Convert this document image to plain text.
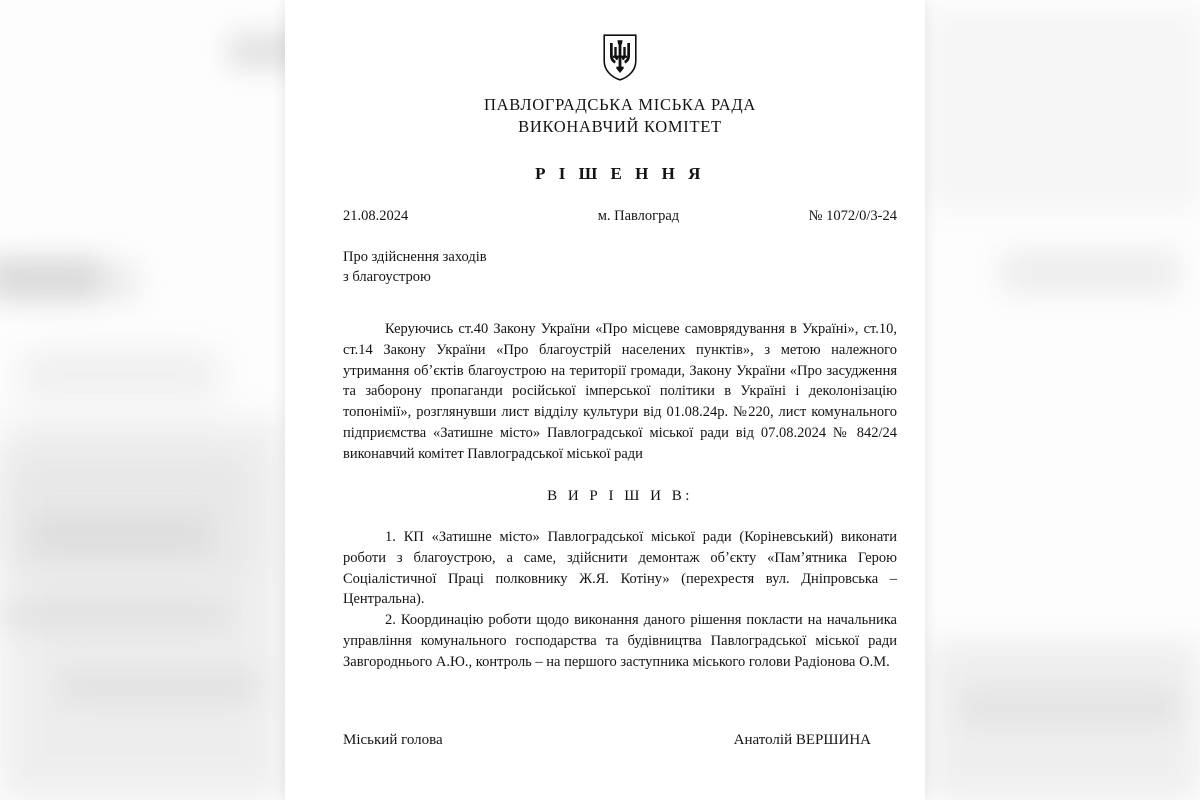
ПАВЛОГРАДСЬКА МІСЬКА РАДА
ВИКОНАВЧИЙ КОМІТЕТ
Р І Ш Е Н Н Я
21.08.2024	м. Павлоград	№ 1072/0/3-24
Про здійснення заходів
з благоустрою

Керуючись ст.40 Закону України «Про місцеве самоврядування в Україні», ст.10, ст.14 Закону України «Про благоустрій населених пунктів», з метою належного утримання обʼєктів благоустрою на території громади, Закону України «Про засудження та заборону пропаганди російської імперської політики в Україні і деколонізацію топонімії», розглянувши лист відділу культури від 01.08.24р. №220, лист комунального підприємства «Затишне місто» Павлоградської міської ради від 07.08.2024 № 842/24 виконавчий комітет Павлоградської міської ради

В И Р І Ш И В:

1. КП «Затишне місто» Павлоградської міської ради (Корiневський) виконати роботи з благоустрою, а саме, здійснити демонтаж обʼєкту «Памʼятника Герою Соціалістичної Праці полковнику Ж.Я. Котіну» (перехрестя вул. Дніпровська –Центральна).

2. Координацію роботи щодо виконання даного рішення покласти на начальника управління комунального господарства та будівництва Павлоградської міської ради Завгороднього А.Ю., контроль – на першого заступника міського голови Радіонова О.М.

Міський голова	Анатолій ВЕРШИНА
